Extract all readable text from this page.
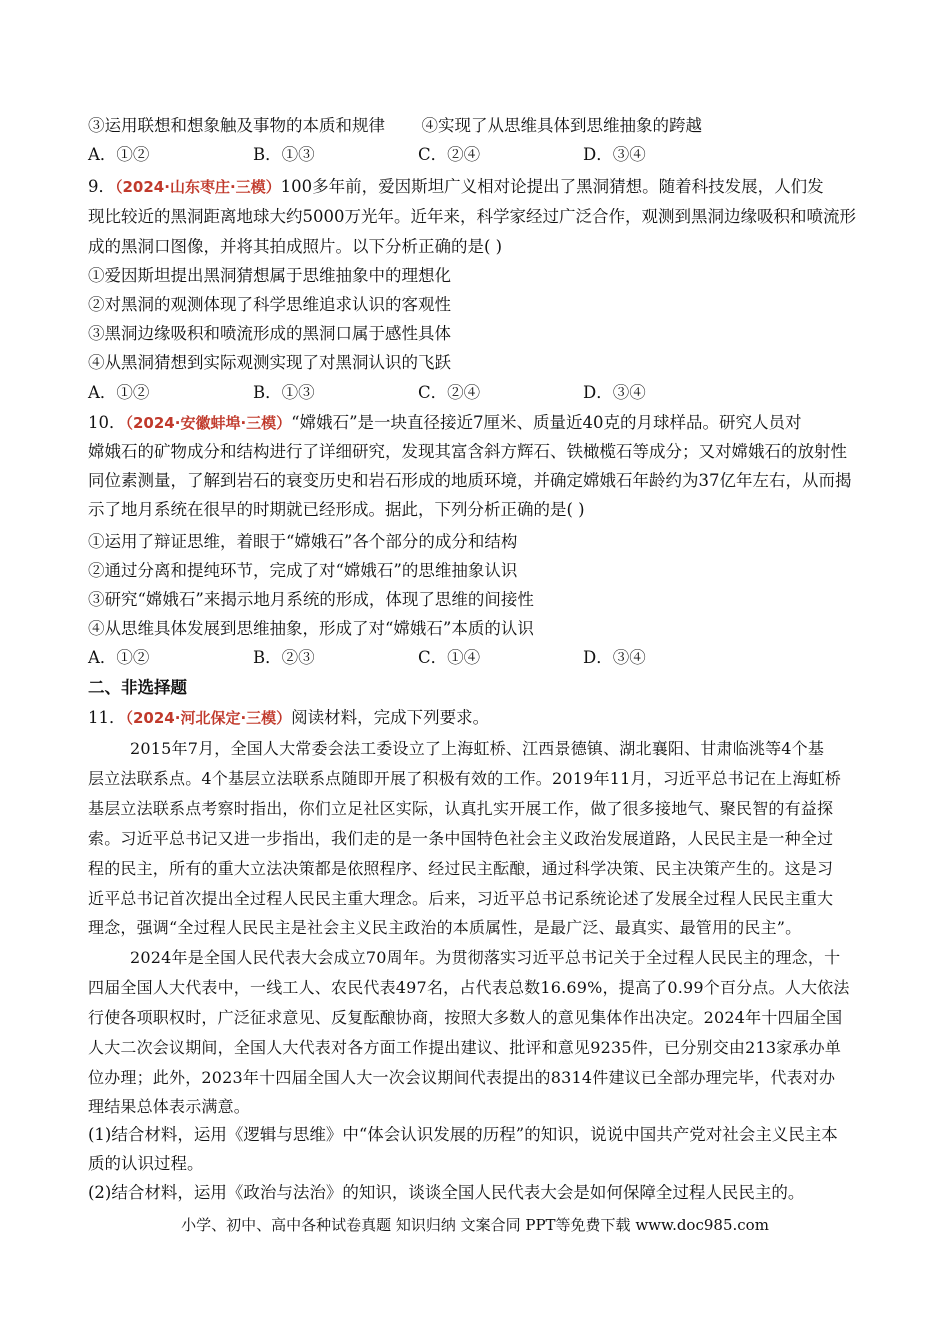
③运用联想和想象触及事物的本质和规律 ④实现了从思维具体到思维抽象的跨越
A．①②	B．①③	C．②④	D．③④
9．（2024·山东枣庄·三模）100多年前，爱因斯坦广义相对论提出了黑洞猜想。随着科技发展，人们发
现比较近的黑洞距离地球大约5000万光年。近年来，科学家经过广泛合作，观测到黑洞边缘吸积和喷流形
成的黑洞口图像，并将其拍成照片。以下分析正确的是( )
①爱因斯坦提出黑洞猜想属于思维抽象中的理想化
②对黑洞的观测体现了科学思维追求认识的客观性
③黑洞边缘吸积和喷流形成的黑洞口属于感性具体
④从黑洞猜想到实际观测实现了对黑洞认识的飞跃
A．①②	B．①③	C．②④	D．③④
10．（2024·安徽蚌埠·三模）“嫦娥石”是一块直径接近7厘米、质量近40克的月球样品。研究人员对
嫦娥石的矿物成分和结构进行了详细研究，发现其富含斜方辉石、铁橄榄石等成分；又对嫦娥石的放射性
同位素测量，了解到岩石的衰变历史和岩石形成的地质环境，并确定嫦娥石年龄约为37亿年左右，从而揭
示了地月系统在很早的时期就已经形成。据此，下列分析正确的是( )
①运用了辩证思维，着眼于“嫦娥石”各个部分的成分和结构
②通过分离和提纯环节，完成了对“嫦娥石”的思维抽象认识
③研究“嫦娥石”来揭示地月系统的形成，体现了思维的间接性
④从思维具体发展到思维抽象，形成了对“嫦娥石”本质的认识
A．①②	B．②③	C．①④	D．③④
二、非选择题
11．（2024·河北保定·三模）阅读材料，完成下列要求。
2015年7月，全国人大常委会法工委设立了上海虹桥、江西景德镇、湖北襄阳、甘肃临洮等4个基
层立法联系点。4个基层立法联系点随即开展了积极有效的工作。2019年11月，习近平总书记在上海虹桥
基层立法联系点考察时指出，你们立足社区实际，认真扎实开展工作，做了很多接地气、聚民智的有益探
索。习近平总书记又进一步指出，我们走的是一条中国特色社会主义政治发展道路，人民民主是一种全过
程的民主，所有的重大立法决策都是依照程序、经过民主酝酿，通过科学决策、民主决策产生的。这是习
近平总书记首次提出全过程人民民主重大理念。后来，习近平总书记系统论述了发展全过程人民民主重大
理念，强调“全过程人民民主是社会主义民主政治的本质属性，是最广泛、最真实、最管用的民主”。
2024年是全国人民代表大会成立70周年。为贯彻落实习近平总书记关于全过程人民民主的理念，十
四届全国人大代表中，一线工人、农民代表497名，占代表总数16.69%，提高了0.99个百分点。人大依法
行使各项职权时，广泛征求意见、反复酝酿协商，按照大多数人的意见集体作出决定。2024年十四届全国
人大二次会议期间，全国人大代表对各方面工作提出建议、批评和意见9235件，已分别交由213家承办单
位办理；此外，2023年十四届全国人大一次会议期间代表提出的8314件建议已全部办理完毕，代表对办
理结果总体表示满意。
(1)结合材料，运用《逻辑与思维》中“体会认识发展的历程”的知识，说说中国共产党对社会主义民主本
质的认识过程。
(2)结合材料，运用《政治与法治》的知识，谈谈全国人民代表大会是如何保障全过程人民民主的。
小学、初中、高中各种试卷真题 知识归纳 文案合同 PPT等免费下载 www.doc985.com
